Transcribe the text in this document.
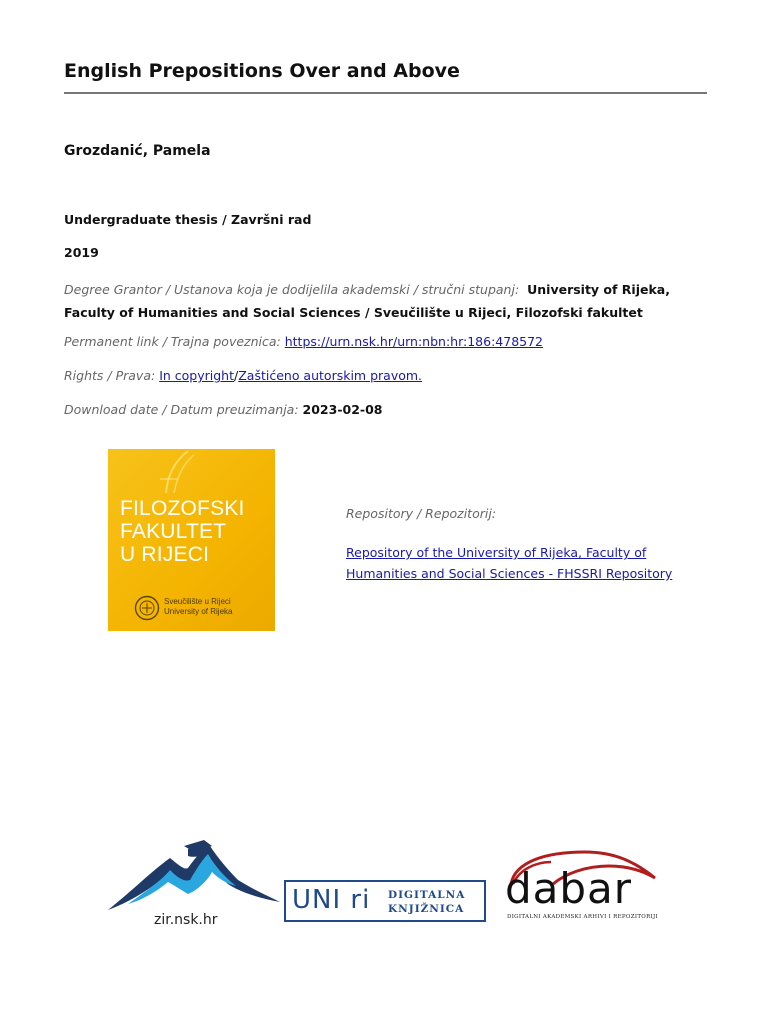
English Prepositions Over and Above
Grozdanić, Pamela
Undergraduate thesis / Završni rad
2019
Degree Grantor / Ustanova koja je dodijelila akademski / stručni stupanj: University of Rijeka, Faculty of Humanities and Social Sciences / Sveučilište u Rijeci, Filozofski fakultet
Permanent link / Trajna poveznica: https://urn.nsk.hr/urn:nbn:hr:186:478572
Rights / Prava: In copyright/Zaštićeno autorskim pravom.
Download date / Datum preuzimanja: 2023-02-08
FILOZOFSKI
FAKULTET
U RIJECI
Sveučilište u Rijeci
University of Rijeka
Repository / Repozitorij:
Repository of the University of Rijeka, Faculty of Humanities and Social Sciences - FHSSRI Repository
zir.nsk.hr
UNI ri DIGITALNA
KNJIŽNICA dabar
DIGITALNI AKADEMSKI ARHIVI I REPOZITORIJI
